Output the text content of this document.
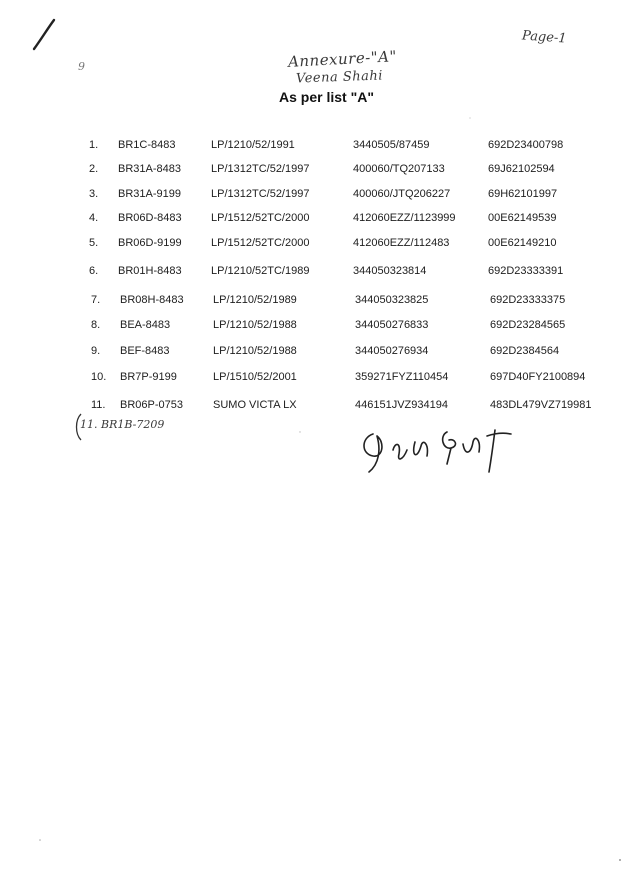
9
Page-1
Annexure-"A"
Veena Shahi
As per list "A"
1. BR1C-8483	LP/1210/52/1991	3440505/87459	692D23400798
2. BR31A-8483	LP/1312TC/52/1997	400060/TQ207133	69J62102594
3. BR31A-9199	LP/1312TC/52/1997	400060/JTQ206227	69H62101997
4. BR06D-8483	LP/1512/52TC/2000	412060EZZ/1123999	00E62149539
5. BR06D-9199	LP/1512/52TC/2000	412060EZZ/112483	00E62149210
6. BR01H-8483	LP/1210/52TC/1989	344050323814	692D23333391
7. BR08H-8483	LP/1210/52/1989	344050323825	692D23333375
8. BEA-8483	LP/1210/52/1988	344050276833	692D23284565
9. BEF-8483	LP/1210/52/1988	344050276934	692D2384564
10. BR7P-9199	LP/1510/52/2001	359271FYZ110454	697D40FY2100894
11. BR06P-0753	SUMO VICTA LX	446151JVZ934194	483DL479VZ719981
11. BR1B-7209
